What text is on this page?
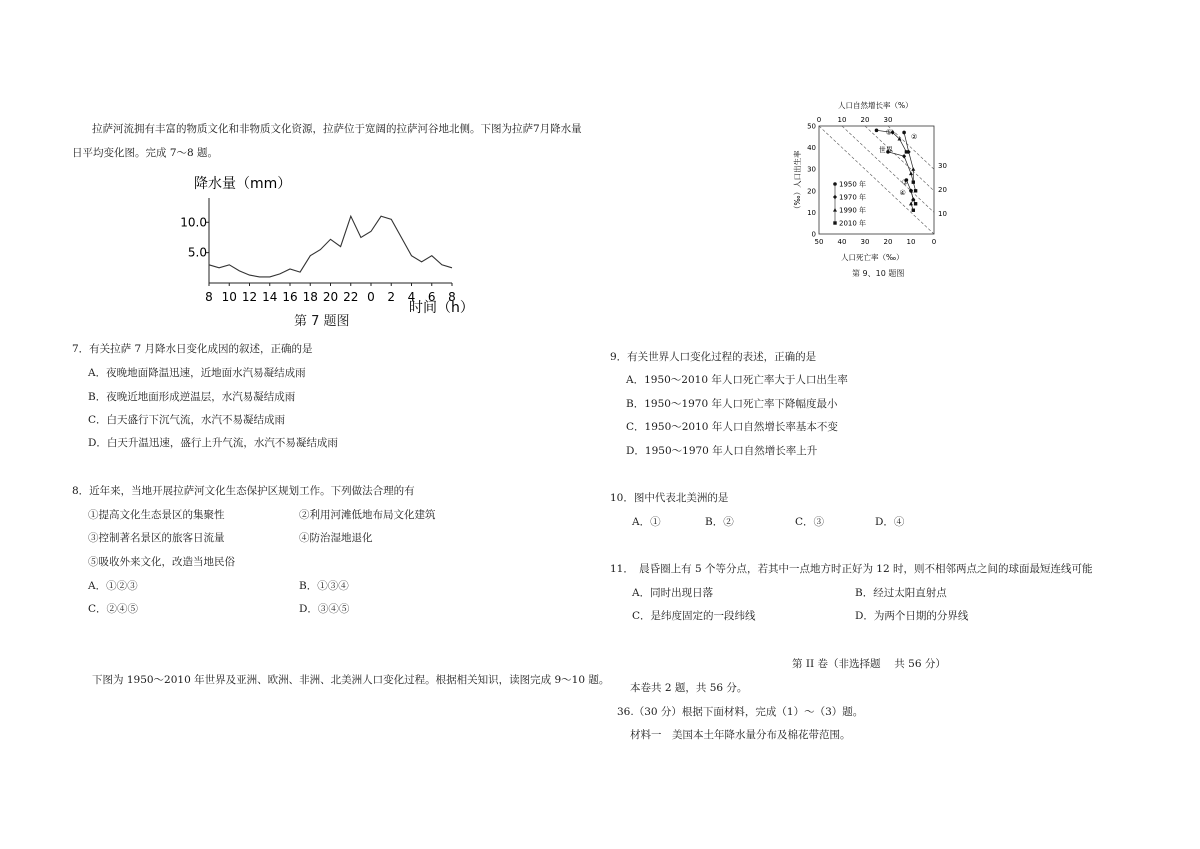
拉萨河流拥有丰富的物质文化和非物质文化资源，拉萨位于宽阔的拉萨河谷地北侧。下图为拉萨7月降水量
日平均变化图。完成 7～8 题。
降水量（mm）
10.0
5.0
8 10 12 14 16 18 20 22 0 2 4 6 8
时间（h）
第 7 题图
7．有关拉萨 7 月降水日变化成因的叙述，正确的是
A．夜晚地面降温迅速，近地面水汽易凝结成雨
B．夜晚近地面形成逆温层，水汽易凝结成雨
C．白天盛行下沉气流，水汽不易凝结成雨
D．白天升温迅速，盛行上升气流，水汽不易凝结成雨
8．近年来，当地开展拉萨河文化生态保护区规划工作。下列做法合理的有
①提高文化生态景区的集聚性	②利用河滩低地布局文化建筑
③控制著名景区的旅客日流量	④防治湿地退化
⑤吸收外来文化，改造当地民俗
A．①②③	B．①③④
C．②④⑤	D．③④⑤
下图为 1950～2010 年世界及亚洲、欧洲、非洲、北美洲人口变化过程。根据相关知识，读图完成 9～10 题。
人口自然增长率（%）
0 10 20 30
（‰）人口出生率
50
40
30
20
10
0
30
20
10
50 40 30 20 10 0
人口死亡率（‰）
1950 年
1970 年
1990 年
2010 年
①
世界
②
③
④
第 9、10 题图
9．有关世界人口变化过程的表述，正确的是
A．1950～2010 年人口死亡率大于人口出生率
B．1950～1970 年人口死亡率下降幅度最小
C．1950～2010 年人口自然增长率基本不变
D．1950～1970 年人口自然增长率上升
10．图中代表北美洲的是
A．①	B．②	C．③	D．④
11．　晨昏圈上有 5 个等分点，若其中一点地方时正好为 12 时，则不相邻两点之间的球面最短连线可能
A．同时出现日落	B．经过太阳直射点
C．是纬度固定的一段纬线	D．为两个日期的分界线
第 II 卷（非选择题　 共 56 分）
本卷共 2 题，共 56 分。
36.（30 分）根据下面材料，完成（1）～（3）题。
材料一　美国本土年降水量分布及棉花带范围。
